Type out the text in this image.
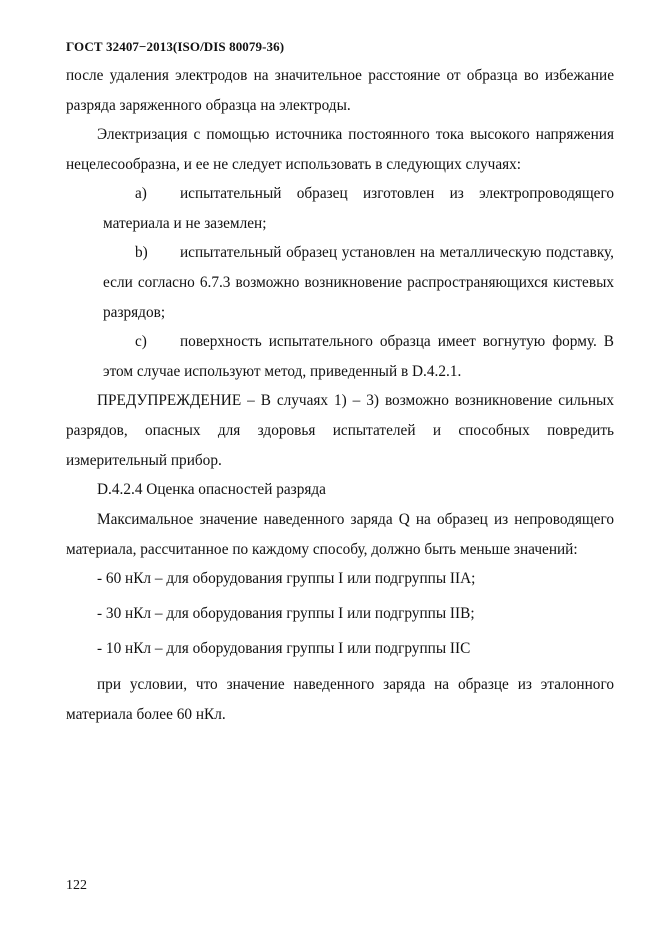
ГОСТ 32407−2013(ISO/DIS 80079-36)
после удаления электродов на значительное расстояние от образца во избежание разряда заряженного образца на электроды.
Электризация с помощью источника постоянного тока высокого напряжения нецелесообразна, и ее не следует использовать в следующих случаях:
a) испытательный образец изготовлен из электропроводящего материала и не заземлен;
b) испытательный образец установлен на металлическую подставку, если согласно 6.7.3 возможно возникновение распространяющихся кистевых разрядов;
c) поверхность испытательного образца имеет вогнутую форму. В этом случае используют метод, приведенный в D.4.2.1.
ПРЕДУПРЕЖДЕНИЕ – В случаях 1) – 3) возможно возникновение сильных разрядов, опасных для здоровья испытателей и способных повредить измерительный прибор.
D.4.2.4 Оценка опасностей разряда
Максимальное значение наведенного заряда Q на образец из непроводящего материала, рассчитанное по каждому способу, должно быть меньше значений:
- 60 нКл – для оборудования группы I или подгруппы IIА;
- 30 нКл – для оборудования группы I или подгруппы IIB;
- 10 нКл – для оборудования группы I или подгруппы IIC
при условии, что значение наведенного заряда на образце из эталонного материала более 60 нКл.
122
